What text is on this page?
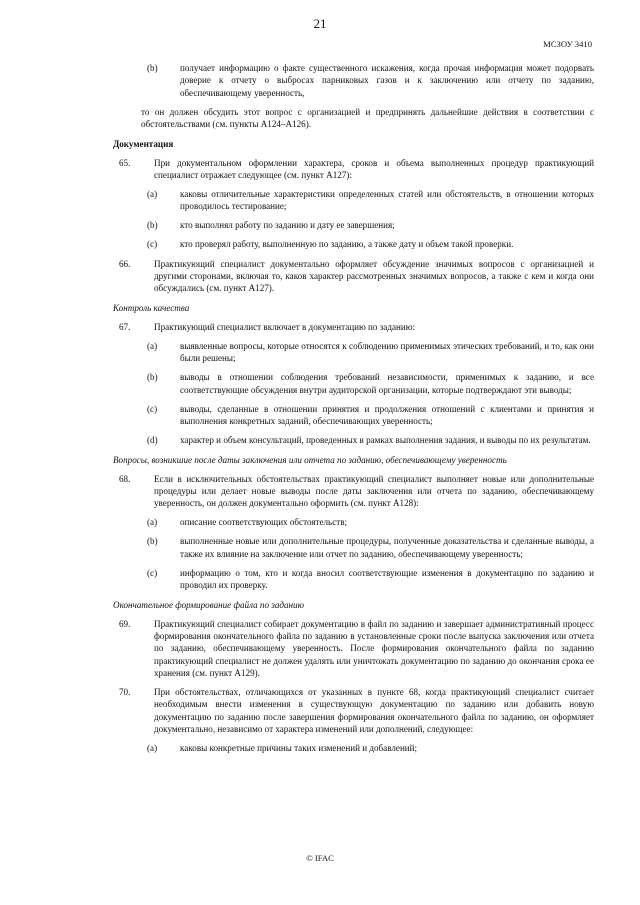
21
МСЗОУ 3410
(b)	получает информацию о факте существенного искажения, когда прочая информация может подорвать доверие к отчету о выбросах парниковых газов и к заключению или отчету по заданию, обеспечивающему уверенность,

то он должен обсудить этот вопрос с организацией и предпринять дальнейшие действия в соответствии с обстоятельствами (см. пункты A124–A126).

Документация
65.	При документальном оформлении характера, сроков и объема выполненных процедур практикующий специалист отражает следующее (см. пункт A127):
(a)	каковы отличительные характеристики определенных статей или обстоятельств, в отношении которых проводилось тестирование;
(b)	кто выполнял работу по заданию и дату ее завершения;
(c)	кто проверял работу, выполненную по заданию, а также дату и объем такой проверки.
66.	Практикующий специалист документально оформляет обсуждение значимых вопросов с организацией и другими сторонами, включая то, каков характер рассмотренных значимых вопросов, а также с кем и когда они обсуждались (см. пункт A127).
Контроль качества
67.	Практикующий специалист включает в документацию по заданию:
(a)	выявленные вопросы, которые относятся к соблюдению применимых этических требований, и то, как они были решены;
(b)	выводы в отношении соблюдения требований независимости, применимых к заданию, и все соответствующие обсуждения внутри аудиторской организации, которые подтверждают эти выводы;
(c)	выводы, сделанные в отношении принятия и продолжения отношений с клиентами и принятия и выполнения конкретных заданий, обеспечивающих уверенность;
(d)	характер и объем консультаций, проведенных в рамках выполнения задания, и выводы по их результатам.
Вопросы, возникшие после даты заключения или отчета по заданию, обеспечивающему уверенность
68.	Если в исключительных обстоятельствах практикующий специалист выполняет новые или дополнительные процедуры или делает новые выводы после даты заключения или отчета по заданию, обеспечивающему уверенность, он должен документально оформить (см. пункт A128):
(a)	описание соответствующих обстоятельств;
(b)	выполненные новые или дополнительные процедуры, полученные доказательства и сделанные выводы, а также их влияние на заключение или отчет по заданию, обеспечивающему уверенность;
(c)	информацию о том, кто и когда вносил соответствующие изменения в документацию по заданию и проводил их проверку.
Окончательное формирование файла по заданию
69.	Практикующий специалист собирает документацию в файл по заданию и завершает административный процесс формирования окончательного файла по заданию в установленные сроки после выпуска заключения или отчета по заданию, обеспечивающему уверенность. После формирования окончательного файла по заданию практикующий специалист не должен удалять или уничтожать документацию по заданию до окончания срока ее хранения (см. пункт A129).
70.	При обстоятельствах, отличающихся от указанных в пункте 68, когда практикующий специалист считает необходимым внести изменения в существующую документацию по заданию или добавить новую документацию по заданию после завершения формирования окончательного файла по заданию, он оформляет документально, независимо от характера изменений или дополнений, следующее:
(a)	каковы конкретные причины таких изменений и добавлений;
© IFAC
